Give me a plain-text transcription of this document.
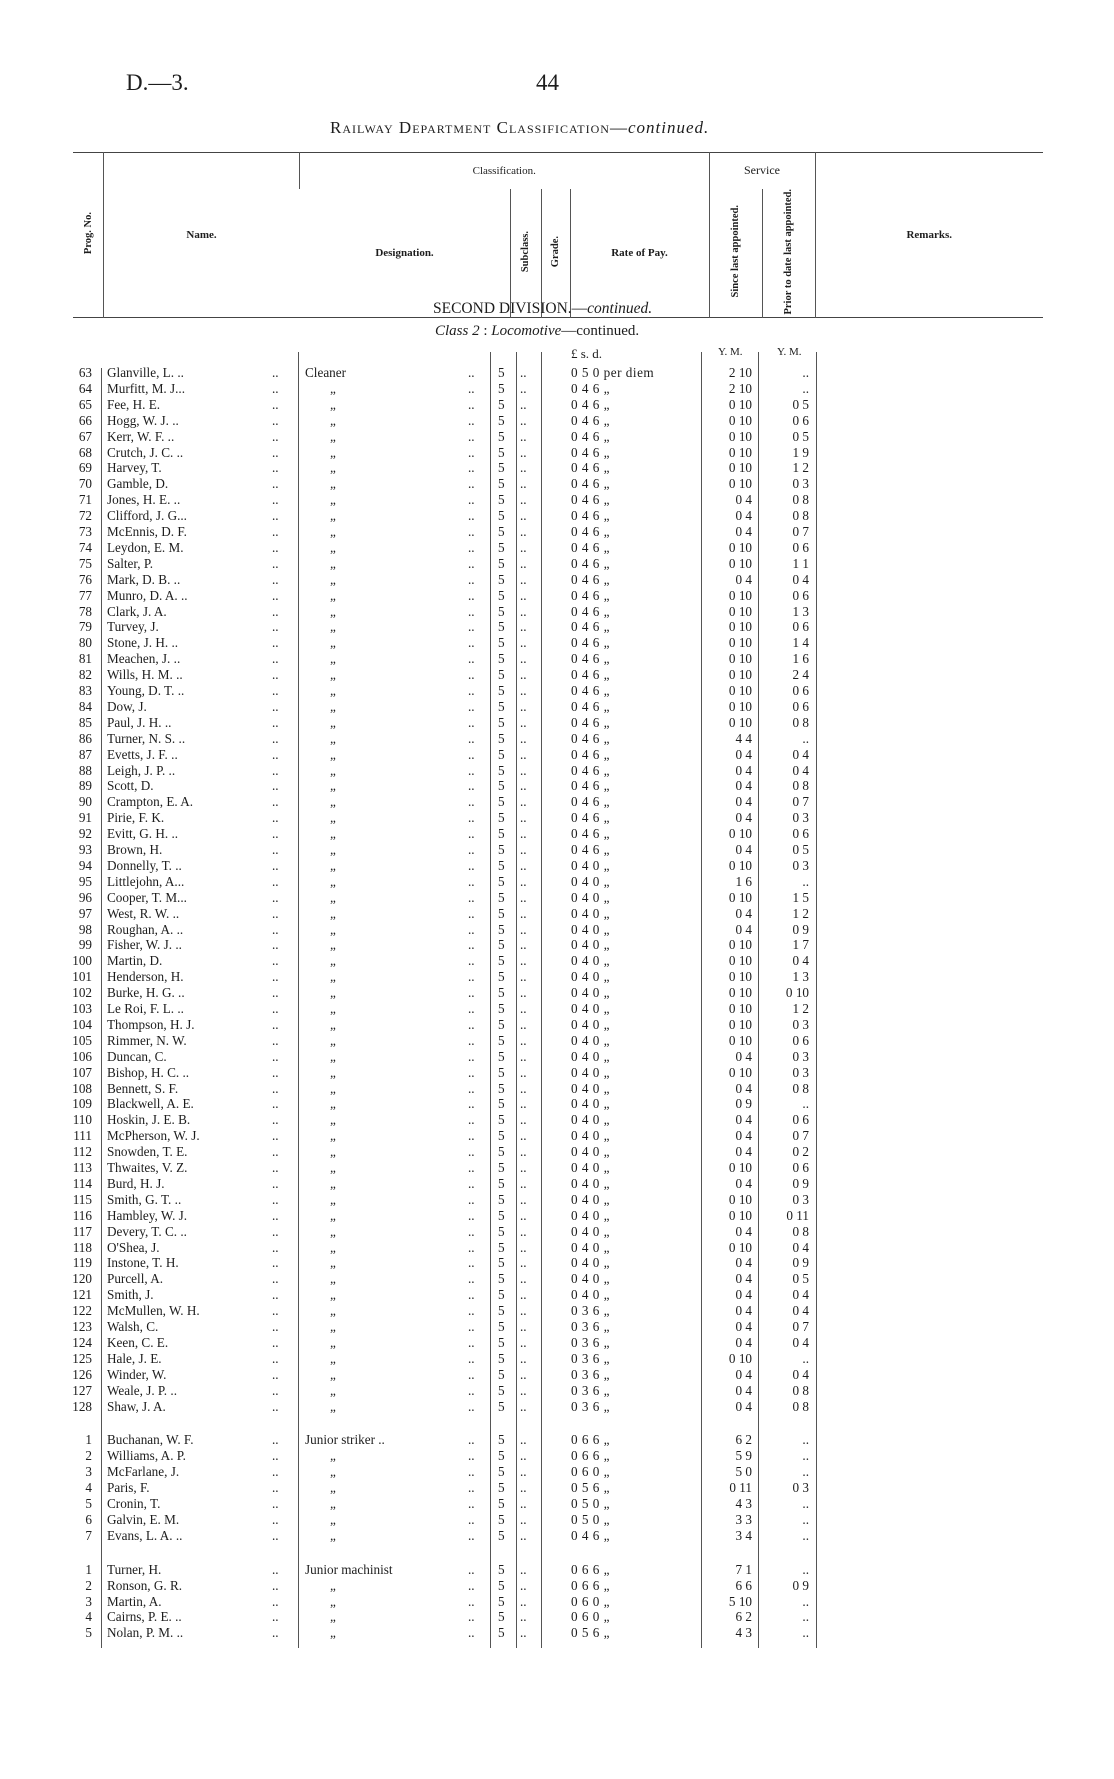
D.—3.	44
Railway Department Classification—continued.
Prog. No.	Name.	Classification.				Service		Remarks.
		Designation.	Subclass.	Grade.	Rate of Pay.	Since last appointed.	Prior to date last appointed.	
SECOND DIVISION.—continued.
Class 2 : Locomotive—continued.
£ s. d.	Y. M.	Y. M.
63 Glanville, L. ..	.. Cleaner	.. 5 ..	0 5 0 per diem	2 10	..
64 Murfitt, M. J...	..	„	.. 5 ..	0 4 6 „	2 10	..
65 Fee, H. E.	..	„	.. 5 ..	0 4 6 „	0 10	0 5
66 Hogg, W. J. ..	..	„	.. 5 ..	0 4 6 „	0 10	0 6
67 Kerr, W. F. ..	..	„	.. 5 ..	0 4 6 „	0 10	0 5
68 Crutch, J. C. ..	..	„	.. 5 ..	0 4 6 „	0 10	1 9
69 Harvey, T.	..	„	.. 5 ..	0 4 6 „	0 10	1 2
70 Gamble, D.	..	„	.. 5 ..	0 4 6 „	0 10	0 3
71 Jones, H. E. ..	..	„	.. 5 ..	0 4 6 „	0 4	0 8
72 Clifford, J. G...	..	„	.. 5 ..	0 4 6 „	0 4	0 8
73 McEnnis, D. F.	..	„	.. 5 ..	0 4 6 „	0 4	0 7
74 Leydon, E. M.	..	„	.. 5 ..	0 4 6 „	0 10	0 6
75 Salter, P.	..	„	.. 5 ..	0 4 6 „	0 10	1 1
76 Mark, D. B. ..	..	„	.. 5 ..	0 4 6 „	0 4	0 4
77 Munro, D. A. ..	..	„	.. 5 ..	0 4 6 „	0 10	0 6
78 Clark, J. A.	..	„	.. 5 ..	0 4 6 „	0 10	1 3
79 Turvey, J.	..	„	.. 5 ..	0 4 6 „	0 10	0 6
80 Stone, J. H. ..	..	„	.. 5 ..	0 4 6 „	0 10	1 4
81 Meachen, J. ..	..	„	.. 5 ..	0 4 6 „	0 10	1 6
82 Wills, H. M. ..	..	„	.. 5 ..	0 4 6 „	0 10	2 4
83 Young, D. T. ..	..	„	.. 5 ..	0 4 6 „	0 10	0 6
84 Dow, J.	..	„	.. 5 ..	0 4 6 „	0 10	0 6
85 Paul, J. H. ..	..	„	.. 5 ..	0 4 6 „	0 10	0 8
86 Turner, N. S. ..	..	„	.. 5 ..	0 4 6 „	4 4	..
87 Evetts, J. F. ..	..	„	.. 5 ..	0 4 6 „	0 4	0 4
88 Leigh, J. P. ..	..	„	.. 5 ..	0 4 6 „	0 4	0 4
89 Scott, D.	..	„	.. 5 ..	0 4 6 „	0 4	0 8
90 Crampton, E. A.	..	„	.. 5 ..	0 4 6 „	0 4	0 7
91 Pirie, F. K.	..	„	.. 5 ..	0 4 6 „	0 4	0 3
92 Evitt, G. H. ..	..	„	.. 5 ..	0 4 6 „	0 10	0 6
93 Brown, H.	..	„	.. 5 ..	0 4 6 „	0 4	0 5
94 Donnelly, T. ..	..	„	.. 5 ..	0 4 0 „	0 10	0 3
95 Littlejohn, A...	..	„	.. 5 ..	0 4 0 „	1 6	..
96 Cooper, T. M...	..	„	.. 5 ..	0 4 0 „	0 10	1 5
97 West, R. W. ..	..	„	.. 5 ..	0 4 0 „	0 4	1 2
98 Roughan, A. ..	..	„	.. 5 ..	0 4 0 „	0 4	0 9
99 Fisher, W. J. ..	..	„	.. 5 ..	0 4 0 „	0 10	1 7
100 Martin, D.	..	„	.. 5 ..	0 4 0 „	0 10	0 4
101 Henderson, H.	..	„	.. 5 ..	0 4 0 „	0 10	1 3
102 Burke, H. G. ..	..	„	.. 5 ..	0 4 0 „	0 10	0 10
103 Le Roi, F. L. ..	..	„	.. 5 ..	0 4 0 „	0 10	1 2
104 Thompson, H. J.	..	„	.. 5 ..	0 4 0 „	0 10	0 3
105 Rimmer, N. W.	..	„	.. 5 ..	0 4 0 „	0 10	0 6
106 Duncan, C.	..	„	.. 5 ..	0 4 0 „	0 4	0 3
107 Bishop, H. C. ..	..	„	.. 5 ..	0 4 0 „	0 10	0 3
108 Bennett, S. F.	..	„	.. 5 ..	0 4 0 „	0 4	0 8
109 Blackwell, A. E.	..	„	.. 5 ..	0 4 0 „	0 9	..
110 Hoskin, J. E. B.	..	„	.. 5 ..	0 4 0 „	0 4	0 6
111 McPherson, W. J.	..	„	.. 5 ..	0 4 0 „	0 4	0 7
112 Snowden, T. E.	..	„	.. 5 ..	0 4 0 „	0 4	0 2
113 Thwaites, V. Z.	..	„	.. 5 ..	0 4 0 „	0 10	0 6
114 Burd, H. J.	..	„	.. 5 ..	0 4 0 „	0 4	0 9
115 Smith, G. T. ..	..	„	.. 5 ..	0 4 0 „	0 10	0 3
116 Hambley, W. J.	..	„	.. 5 ..	0 4 0 „	0 10	0 11
117 Devery, T. C. ..	..	„	.. 5 ..	0 4 0 „	0 4	0 8
118 O'Shea, J.	..	„	.. 5 ..	0 4 0 „	0 10	0 4
119 Instone, T. H.	..	„	.. 5 ..	0 4 0 „	0 4	0 9
120 Purcell, A.	..	„	.. 5 ..	0 4 0 „	0 4	0 5
121 Smith, J.	..	„	.. 5 ..	0 4 0 „	0 4	0 4
122 McMullen, W. H.	..	„	.. 5 ..	0 3 6 „	0 4	0 4
123 Walsh, C.	..	„	.. 5 ..	0 3 6 „	0 4	0 7
124 Keen, C. E.	..	„	.. 5 ..	0 3 6 „	0 4	0 4
125 Hale, J. E.	..	„	.. 5 ..	0 3 6 „	0 10	..
126 Winder, W.	..	„	.. 5 ..	0 3 6 „	0 4	0 4
127 Weale, J. P. ..	..	„	.. 5 ..	0 3 6 „	0 4	0 8
128 Shaw, J. A.	..	„	.. 5 ..	0 3 6 „	0 4	0 8
1 Buchanan, W. F.	.. Junior striker ..	.. 5 ..	0 6 6 „	6 2	..
2 Williams, A. P.	..	„	.. 5 ..	0 6 6 „	5 9	..
3 McFarlane, J.	..	„	.. 5 ..	0 6 0 „	5 0	..
4 Paris, F.	..	„	.. 5 ..	0 5 6 „	0 11	0 3
5 Cronin, T.	..	„	.. 5 ..	0 5 0 „	4 3	..
6 Galvin, E. M.	..	„	.. 5 ..	0 5 0 „	3 3	..
7 Evans, L. A. ..	..	„	.. 5 ..	0 4 6 „	3 4	..
1 Turner, H.	.. Junior machinist	.. 5 ..	0 6 6 „	7 1	..
2 Ronson, G. R.	..	„	.. 5 ..	0 6 6 „	6 6	0 9
3 Martin, A.	..	„	.. 5 ..	0 6 0 „	5 10	..
4 Cairns, P. E. ..	..	„	.. 5 ..	0 6 0 „	6 2	..
5 Nolan, P. M. ..	..	„	.. 5 ..	0 5 6 „	4 3	..
